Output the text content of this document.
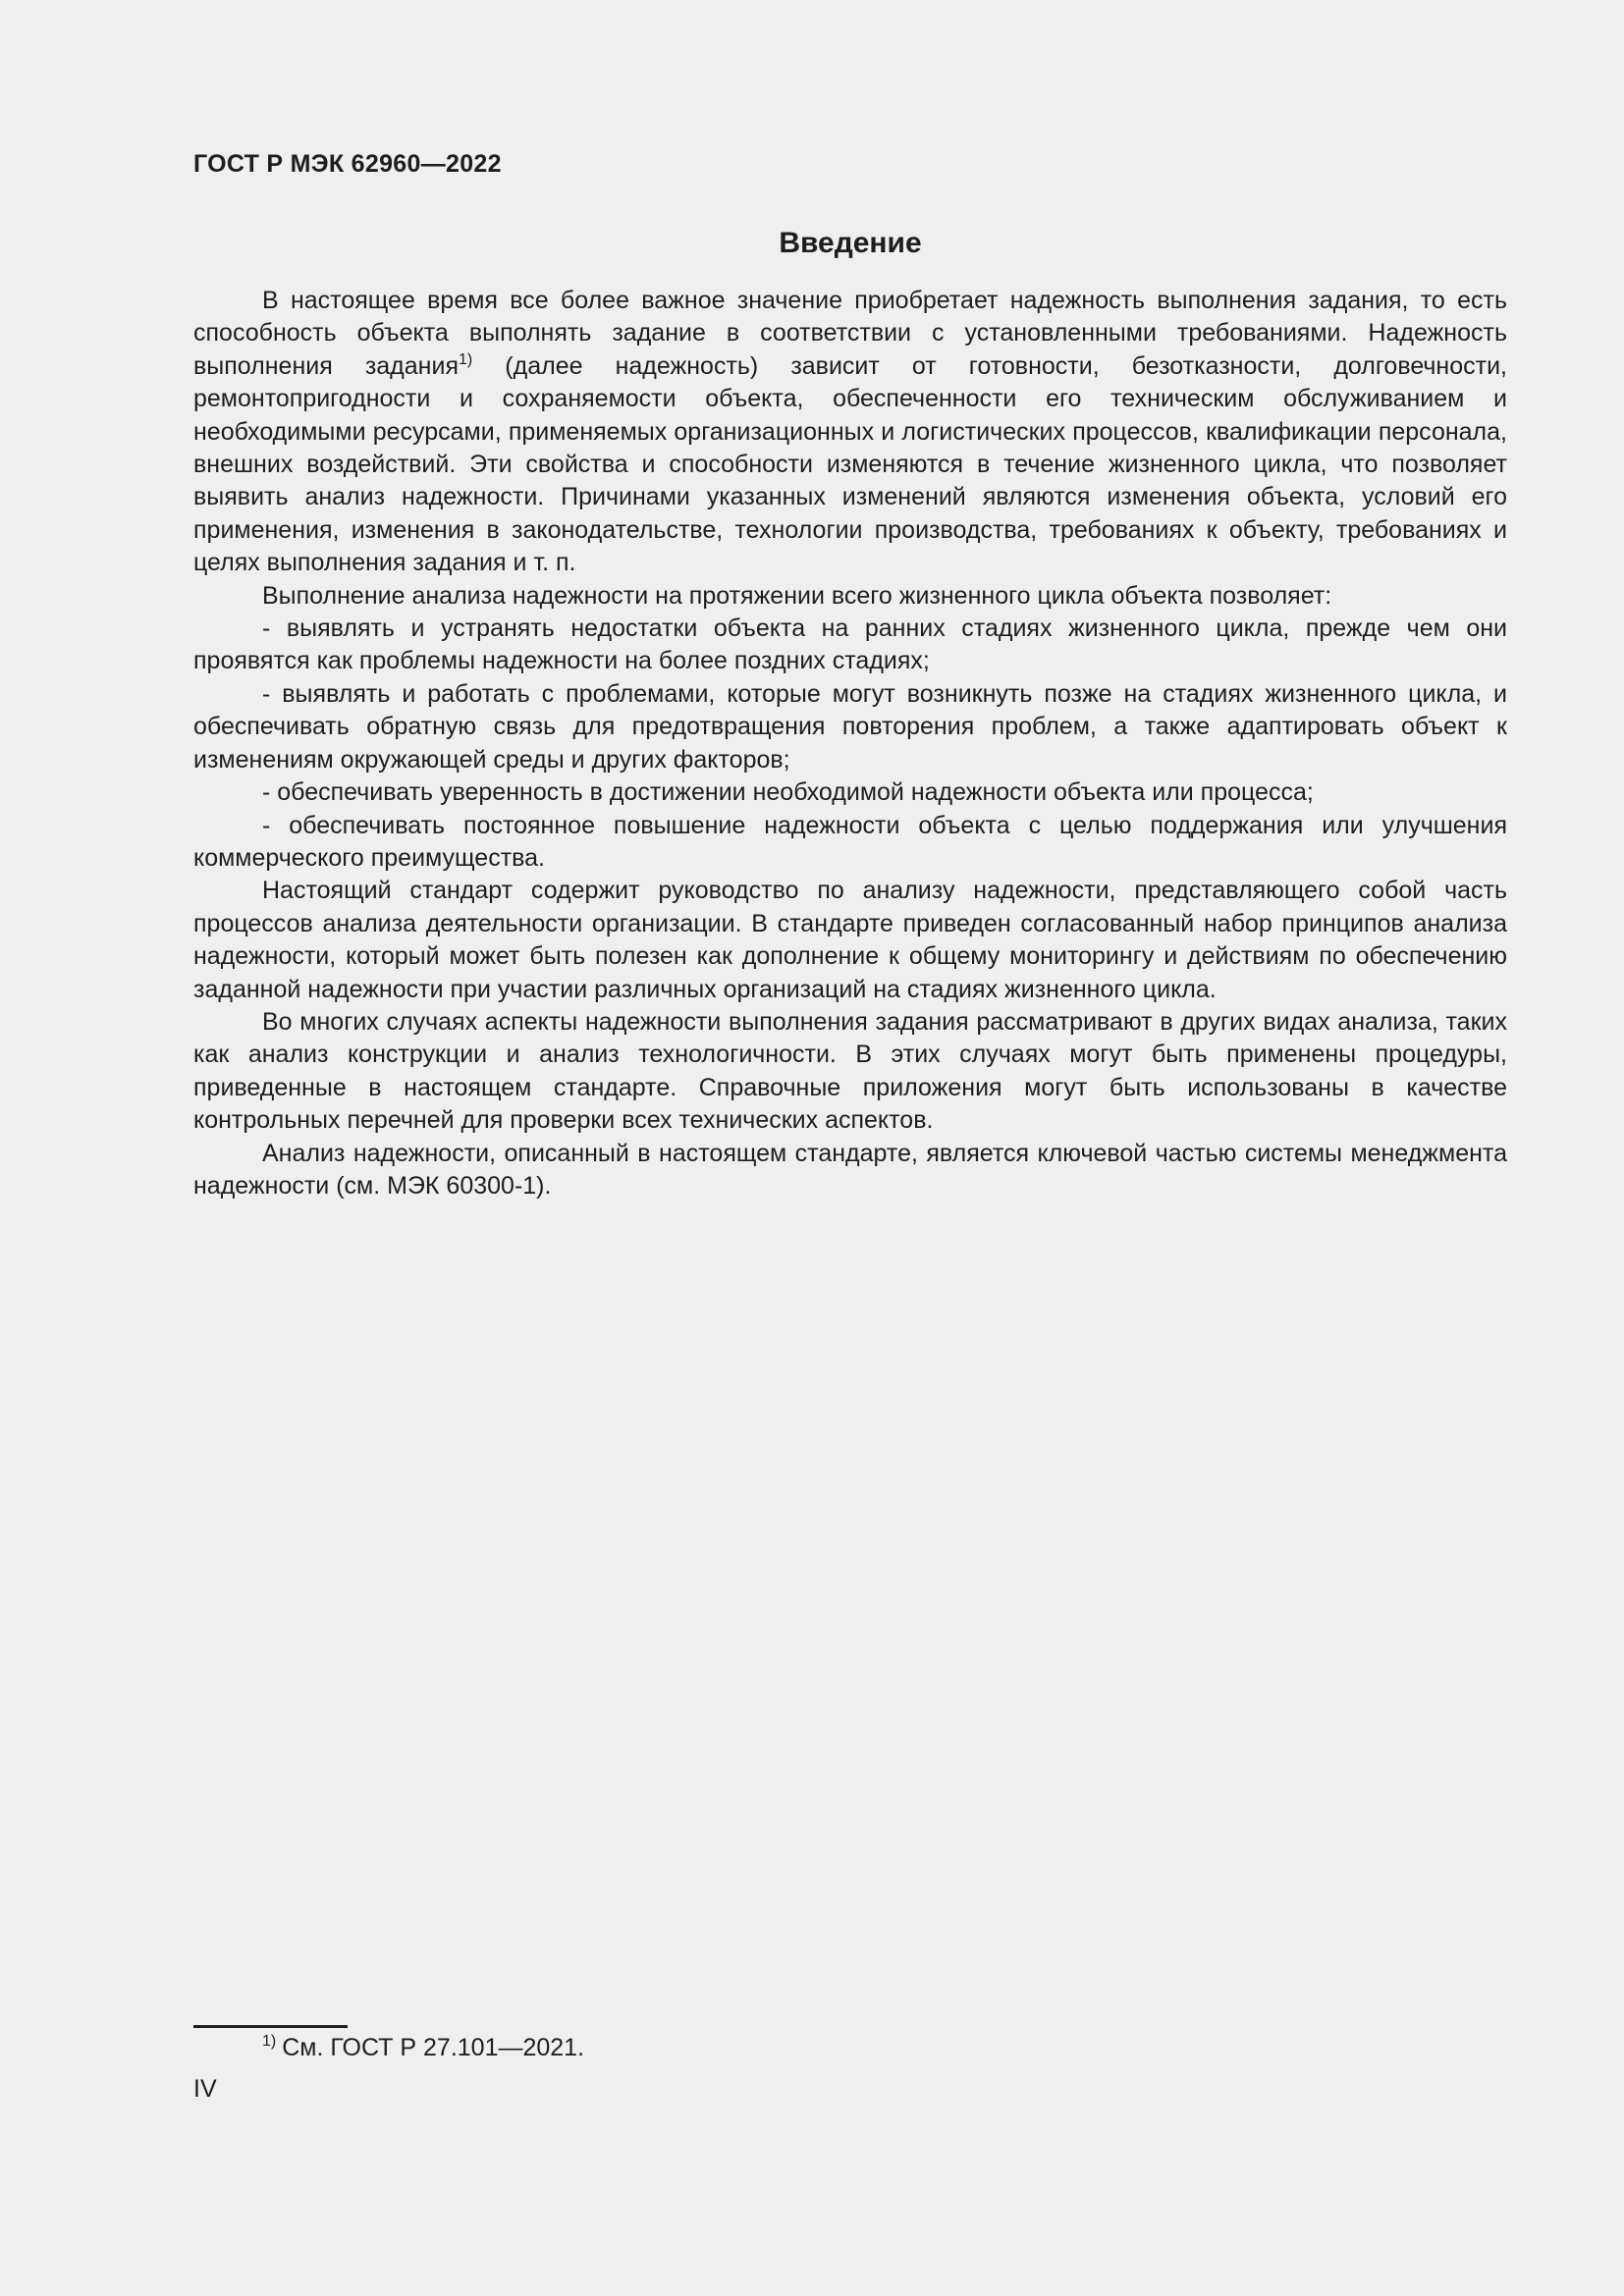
ГОСТ Р МЭК 62960—2022
Введение

В настоящее время все более важное значение приобретает надежность выполнения задания, то есть способность объекта выполнять задание в соответствии с установленными требованиями. Надежность выполнения задания$^{1)}$ (далее надежность) зависит от готовности, безотказности, долговечности, ремонтопригодности и сохраняемости объекта, обеспеченности его техническим обслуживанием и необходимыми ресурсами, применяемых организационных и логистических процессов, квалификации персонала, внешних воздействий. Эти свойства и способности изменяются в течение жизненного цикла, что позволяет выявить анализ надежности. Причинами указанных изменений являются изменения объекта, условий его применения, изменения в законодательстве, технологии производства, требованиях к объекту, требованиях и целях выполнения задания и т. п.

Выполнение анализа надежности на протяжении всего жизненного цикла объекта позволяет:

- выявлять и устранять недостатки объекта на ранних стадиях жизненного цикла, прежде чем они проявятся как проблемы надежности на более поздних стадиях;

- выявлять и работать с проблемами, которые могут возникнуть позже на стадиях жизненного цикла, и обеспечивать обратную связь для предотвращения повторения проблем, а также адаптировать объект к изменениям окружающей среды и других факторов;

- обеспечивать уверенность в достижении необходимой надежности объекта или процесса;

- обеспечивать постоянное повышение надежности объекта с целью поддержания или улучшения коммерческого преимущества.

Настоящий стандарт содержит руководство по анализу надежности, представляющего собой часть процессов анализа деятельности организации. В стандарте приведен согласованный набор принципов анализа надежности, который может быть полезен как дополнение к общему мониторингу и действиям по обеспечению заданной надежности при участии различных организаций на стадиях жизненного цикла.

Во многих случаях аспекты надежности выполнения задания рассматривают в других видах анализа, таких как анализ конструкции и анализ технологичности. В этих случаях могут быть применены процедуры, приведенные в настоящем стандарте. Справочные приложения могут быть использованы в качестве контрольных перечней для проверки всех технических аспектов.

Анализ надежности, описанный в настоящем стандарте, является ключевой частью системы менеджмента надежности (см. МЭК 60300-1).

$^{1)}$ См. ГОСТ Р 27.101—2021.
IV
